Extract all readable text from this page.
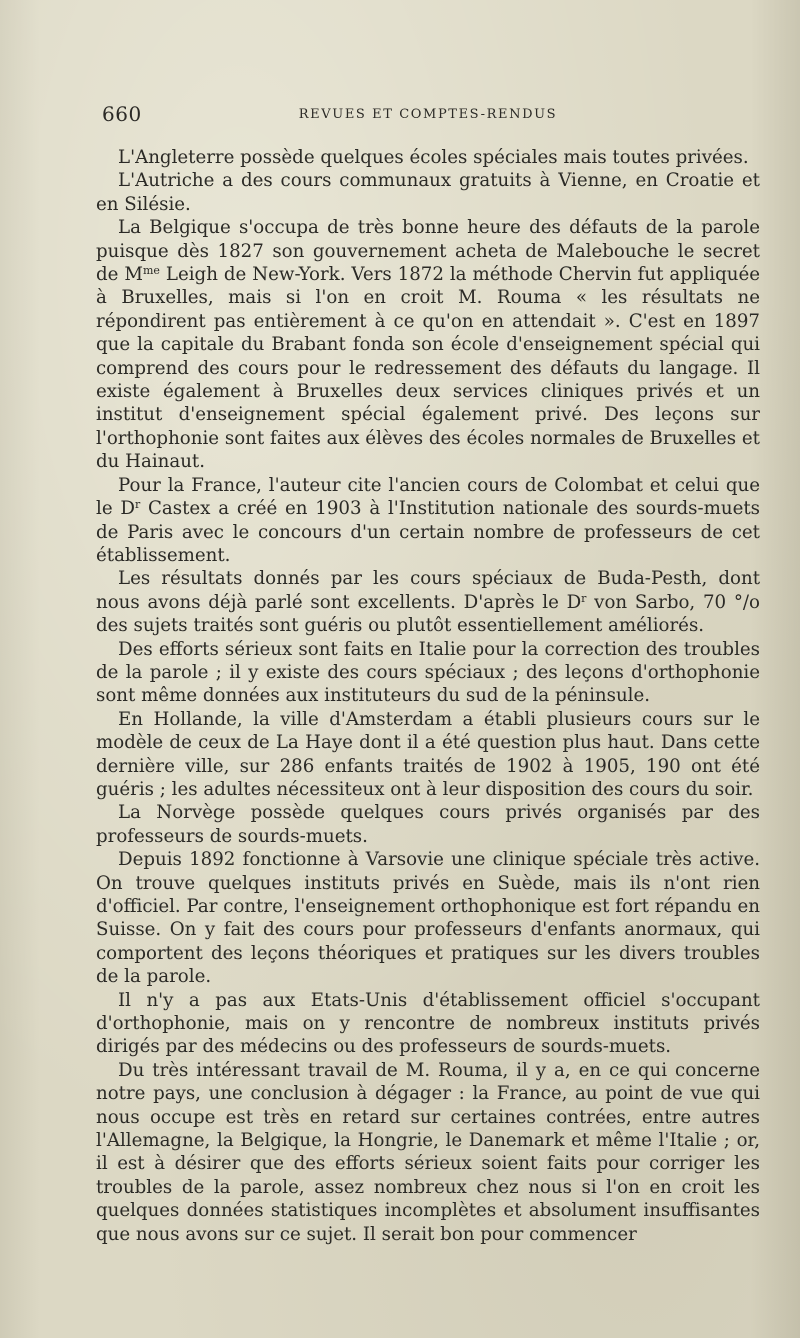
660	REVUES ET COMPTES-RENDUS

L'Angleterre possède quelques écoles spéciales mais toutes privées.

L'Autriche a des cours communaux gratuits à Vienne, en Croatie et en Silésie.

La Belgique s'occupa de très bonne heure des défauts de la parole puisque dès 1827 son gouvernement acheta de Malebouche le secret de $M^{me}$ Leigh de New-York. Vers 1872 la méthode Chervin fut appliquée à Bruxelles, mais si l'on en croit M. Rouma « les résultats ne répondirent pas entièrement à ce qu'on en attendait ». C'est en 1897 que la capitale du Brabant fonda son école d'enseignement spécial qui comprend des cours pour le redressement des défauts du langage. Il existe également à Bruxelles deux services cliniques privés et un institut d'enseignement spécial également privé. Des leçons sur l'orthophonie sont faites aux élèves des écoles normales de Bruxelles et du Hainaut.

Pour la France, l'auteur cite l'ancien cours de Colombat et celui que le $D^r$ Castex a créé en 1903 à l'Institution nationale des sourds-muets de Paris avec le concours d'un certain nombre de professeurs de cet établissement.

Les résultats donnés par les cours spéciaux de Buda-Pesth, dont nous avons déjà parlé sont excellents. D'après le $D^r$ von Sarbo, 70 °/o des sujets traités sont guéris ou plutôt essentiellement améliorés.

Des efforts sérieux sont faits en Italie pour la correction des troubles de la parole ; il y existe des cours spéciaux ; des leçons d'orthophonie sont même données aux instituteurs du sud de la péninsule.

En Hollande, la ville d'Amsterdam a établi plusieurs cours sur le modèle de ceux de La Haye dont il a été question plus haut. Dans cette dernière ville, sur 286 enfants traités de 1902 à 1905, 190 ont été guéris ; les adultes nécessiteux ont à leur disposition des cours du soir.

La Norvège possède quelques cours privés organisés par des professeurs de sourds-muets.

Depuis 1892 fonctionne à Varsovie une clinique spéciale très active. On trouve quelques instituts privés en Suède, mais ils n'ont rien d'officiel. Par contre, l'enseignement orthophonique est fort répandu en Suisse. On y fait des cours pour professeurs d'enfants anormaux, qui comportent des leçons théoriques et pratiques sur les divers troubles de la parole.

Il n'y a pas aux Etats-Unis d'établissement officiel s'occupant d'orthophonie, mais on y rencontre de nombreux instituts privés dirigés par des médecins ou des professeurs de sourds-muets.

Du très intéressant travail de M. Rouma, il y a, en ce qui concerne notre pays, une conclusion à dégager : la France, au point de vue qui nous occupe est très en retard sur certaines contrées, entre autres l'Allemagne, la Belgique, la Hongrie, le Danemark et même l'Italie ; or, il est à désirer que des efforts sérieux soient faits pour corriger les troubles de la parole, assez nombreux chez nous si l'on en croit les quelques données statistiques incomplètes et absolument insuffisantes que nous avons sur ce sujet. Il serait bon pour commencer
